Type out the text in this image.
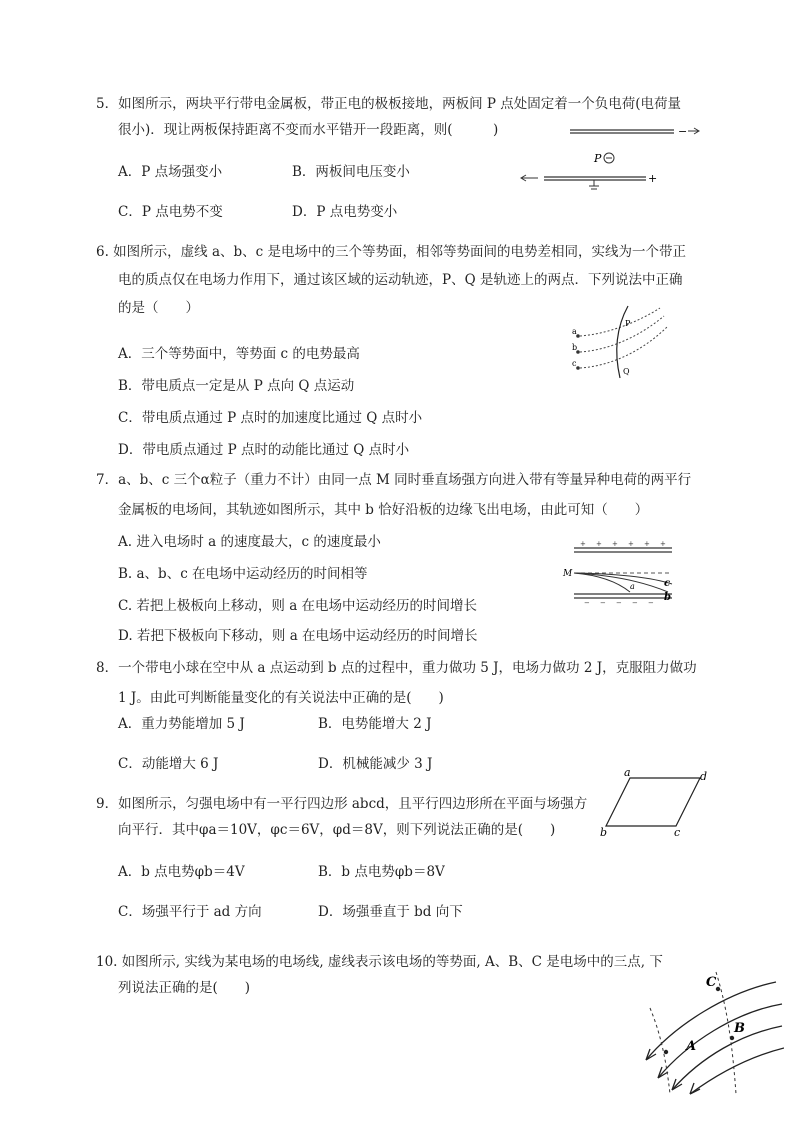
5．如图所示，两块平行带电金属板，带正电的极板接地，两板间 P 点处固定着一个负电荷(电荷量
很小)．现让两板保持距离不变而水平错开一段距离，则(　　　)
A．P 点场强变小	B．两板间电压变小
C．P 点电势不变	D．P 点电势变小
−
P
+
6. 如图所示，虚线 a、b、c 是电场中的三个等势面，相邻等势面间的电势差相同，实线为一个带正
电的质点仅在电场力作用下，通过该区域的运动轨迹，P、Q 是轨迹上的两点．下列说法中正确
的是（　　）
A．三个等势面中，等势面 c 的电势最高
B．带电质点一定是从 P 点向 Q 点运动
C．带电质点通过 P 点时的加速度比通过 Q 点时小
D．带电质点通过 P 点时的动能比通过 Q 点时小
a
b
c
P
Q
7．a、b、c 三个α粒子（重力不计）由同一点 M 同时垂直场强方向进入带有等量异种电荷的两平行
金属板的电场间，其轨迹如图所示，其中 b 恰好沿板的边缘飞出电场，由此可知（　　）
A. 进入电场时 a 的速度最大，c 的速度最小
B. a、b、c 在电场中运动经历的时间相等
C. 若把上极板向上移动，则 a 在电场中运动经历的时间增长
D. 若把下极板向下移动，则 a 在电场中运动经历的时间增长
+ + + + + +
− − − − −
M
a
b
c
8．一个带电小球在空中从 a 点运动到 b 点的过程中，重力做功 5 J，电场力做功 2 J，克服阻力做功
1 J。由此可判断能量变化的有关说法中正确的是(　　)
A．重力势能增加 5 J	B．电势能增大 2 J
C．动能增大 6 J	D．机械能减少 3 J
9．如图所示，匀强电场中有一平行四边形 abcd，且平行四边形所在平面与场强方
向平行．其中φa＝10V，φc＝6V，φd＝8V，则下列说法正确的是(　　)
A．b 点电势φb＝4V	B．b 点电势φb＝8V
C．场强平行于 ad 方向	D．场强垂直于 bd 向下
a	d
b	c
10. 如图所示, 实线为某电场的电场线, 虚线表示该电场的等势面, A、B、C 是电场中的三点, 下
列说法正确的是(　　)	C
B
A
